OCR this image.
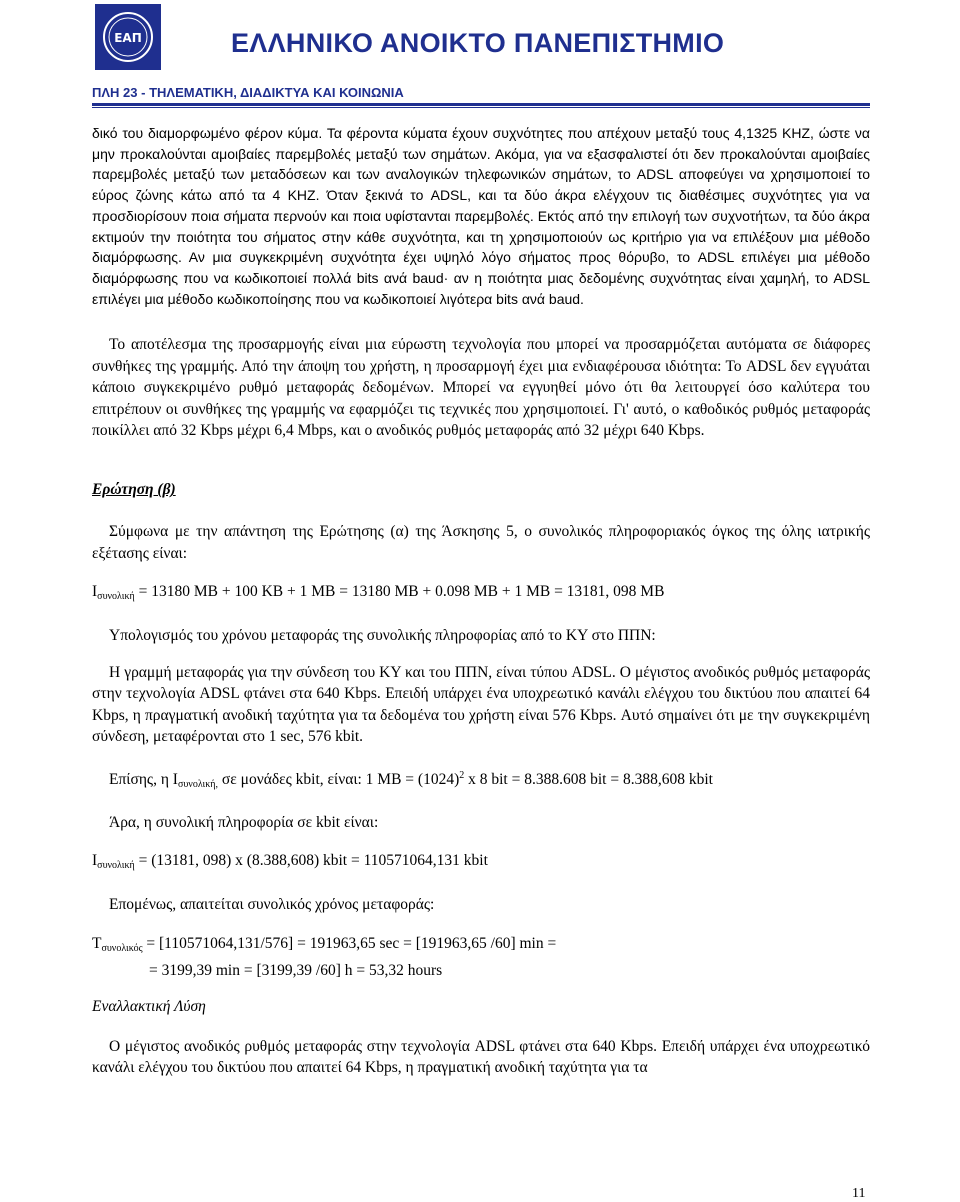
ΕΑΠ	ΕΛΛΗΝΙΚΟ ΑΝΟΙΚΤΟ ΠΑΝΕΠΙΣΤΗΜΙΟ
ΠΛΗ 23 - ΤΗΛΕΜΑΤΙΚΗ, ΔΙΑΔΙΚΤΥΑ ΚΑΙ ΚΟΙΝΩΝΙΑ

δικό του διαμορφωμένο φέρον κύμα. Τα φέροντα κύματα έχουν συχνότητες που απέχουν μεταξύ τους 4,1325 KHZ, ώστε να μην προκαλούνται αμοιβαίες παρεμβολές μεταξύ των σημάτων. Ακόμα, για να εξασφαλιστεί ότι δεν προκαλούνται αμοιβαίες παρεμβολές μεταξύ των μεταδόσεων και των αναλογικών τηλεφωνικών σημάτων, το ADSL αποφεύγει να χρησιμοποιεί το εύρος ζώνης κάτω από τα 4 KHZ. Όταν ξεκινά το ADSL, και τα δύο άκρα ελέγχουν τις διαθέσιμες συχνότητες για να προσδιορίσουν ποια σήματα περνούν και ποια υφίστανται παρεμβολές. Εκτός από την επιλογή των συχνοτήτων, τα δύο άκρα εκτιμούν την ποιότητα του σήματος στην κάθε συχνότητα, και τη χρησιμοποιούν ως κριτήριο για να επιλέξουν μια μέθοδο διαμόρφωσης. Αν μια συγκεκριμένη συχνότητα έχει υψηλό λόγο σήματος προς θόρυβο, το ADSL επιλέγει μια μέθοδο διαμόρφωσης που να κωδικοποιεί πολλά bits ανά baud· αν η ποιότητα μιας δεδομένης συχνότητας είναι χαμηλή, το ADSL επιλέγει μια μέθοδο κωδικοποίησης που να κωδικοποιεί λιγότερα bits ανά baud.

Το αποτέλεσμα της προσαρμογής είναι μια εύρωστη τεχνολογία που μπορεί να προσαρμόζεται αυτόματα σε διάφορες συνθήκες της γραμμής. Από την άποψη του χρήστη, η προσαρμογή έχει μια ενδιαφέρουσα ιδιότητα: Το ADSL δεν εγγυάται κάποιο συγκεκριμένο ρυθμό μεταφοράς δεδομένων. Μπορεί να εγγυηθεί μόνο ότι θα λειτουργεί όσο καλύτερα του επιτρέπουν οι συνθήκες της γραμμής να εφαρμόζει τις τεχνικές που χρησιμοποιεί. Γι' αυτό, ο καθοδικός ρυθμός μεταφοράς ποικίλλει από 32 Kbps μέχρι 6,4 Mbps, και ο ανοδικός ρυθμός μεταφοράς από 32 μέχρι 640 Kbps.

Ερώτηση (β)

Σύμφωνα με την απάντηση της Ερώτησης (α) της Άσκησης 5, ο συνολικός πληροφοριακός όγκος της όλης ιατρικής εξέτασης είναι:

$I_{\sigma\upsilon\nu o\lambda\iota\kappa ή} = 13180$ MB + 100 KB + 1 MB = 13180 MB + 0.098 MB + 1 MB = 13181, 098 MB

Υπολογισμός του χρόνου μεταφοράς της συνολικής πληροφορίας από το ΚΥ στο ΠΠΝ:

Η γραμμή μεταφοράς για την σύνδεση του ΚΥ και του ΠΠΝ, είναι τύπου ADSL. Ο μέγιστος ανοδικός ρυθμός μεταφοράς στην τεχνολογία ADSL φτάνει στα 640 Kbps. Επειδή υπάρχει ένα υποχρεωτικό κανάλι ελέγχου του δικτύου που απαιτεί 64 Kbps, η πραγματική ανοδική ταχύτητα για τα δεδομένα του χρήστη είναι 576 Kbps. Αυτό σημαίνει ότι με την συγκεκριμένη σύνδεση, μεταφέρονται στο 1 sec, 576 kbit.

Επίσης, η $I_{\sigma\upsilon\nu o\lambda\iota\kappa ή,}$ σε μονάδες kbit, είναι: 1 MB = $(1024)^2$ x 8 bit = 8.388.608 bit = 8.388,608 kbit

Άρα, η συνολική πληροφορία σε kbit είναι:

$I_{\sigma\upsilon\nu o\lambda\iota\kappa ή} = (13181$, 098) x (8.388,608) kbit = 110571064,131 kbit

Επομένως, απαιτείται συνολικός χρόνος μεταφοράς:

$T_{\sigma\upsilon\nu o\lambda\iota\kappa ό\varsigma} = [110571064,131/576] = 191963,65$ sec = [191963,65 /60] min =

= 3199,39 min = [3199,39 /60] h = 53,32 hours

Εναλλακτική Λύση

Ο μέγιστος ανοδικός ρυθμός μεταφοράς στην τεχνολογία ADSL φτάνει στα 640 Kbps. Επειδή υπάρχει ένα υποχρεωτικό κανάλι ελέγχου του δικτύου που απαιτεί 64 Kbps, η πραγματική ανοδική ταχύτητα για τα

11
